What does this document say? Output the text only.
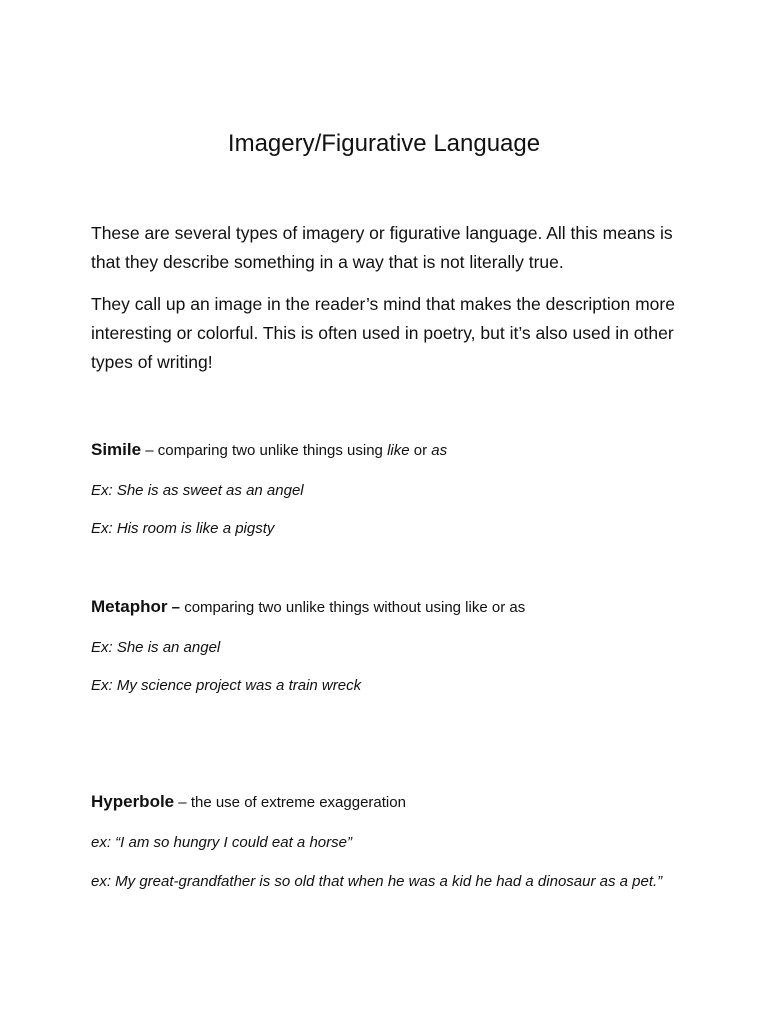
Imagery/Figurative Language

These are several types of imagery or figurative language. All this means is that they describe something in a way that is not literally true.

They call up an image in the reader’s mind that makes the description more interesting or colorful. This is often used in poetry, but it’s also used in other types of writing!

Simile – comparing two unlike things using like or as

Ex: She is as sweet as an angel

Ex: His room is like a pigsty

Metaphor – comparing two unlike things without using like or as

Ex: She is an angel

Ex: My science project was a train wreck

Hyperbole – the use of extreme exaggeration

ex: “I am so hungry I could eat a horse”

ex: My great-grandfather is so old that when he was a kid he had a dinosaur as a pet.”
